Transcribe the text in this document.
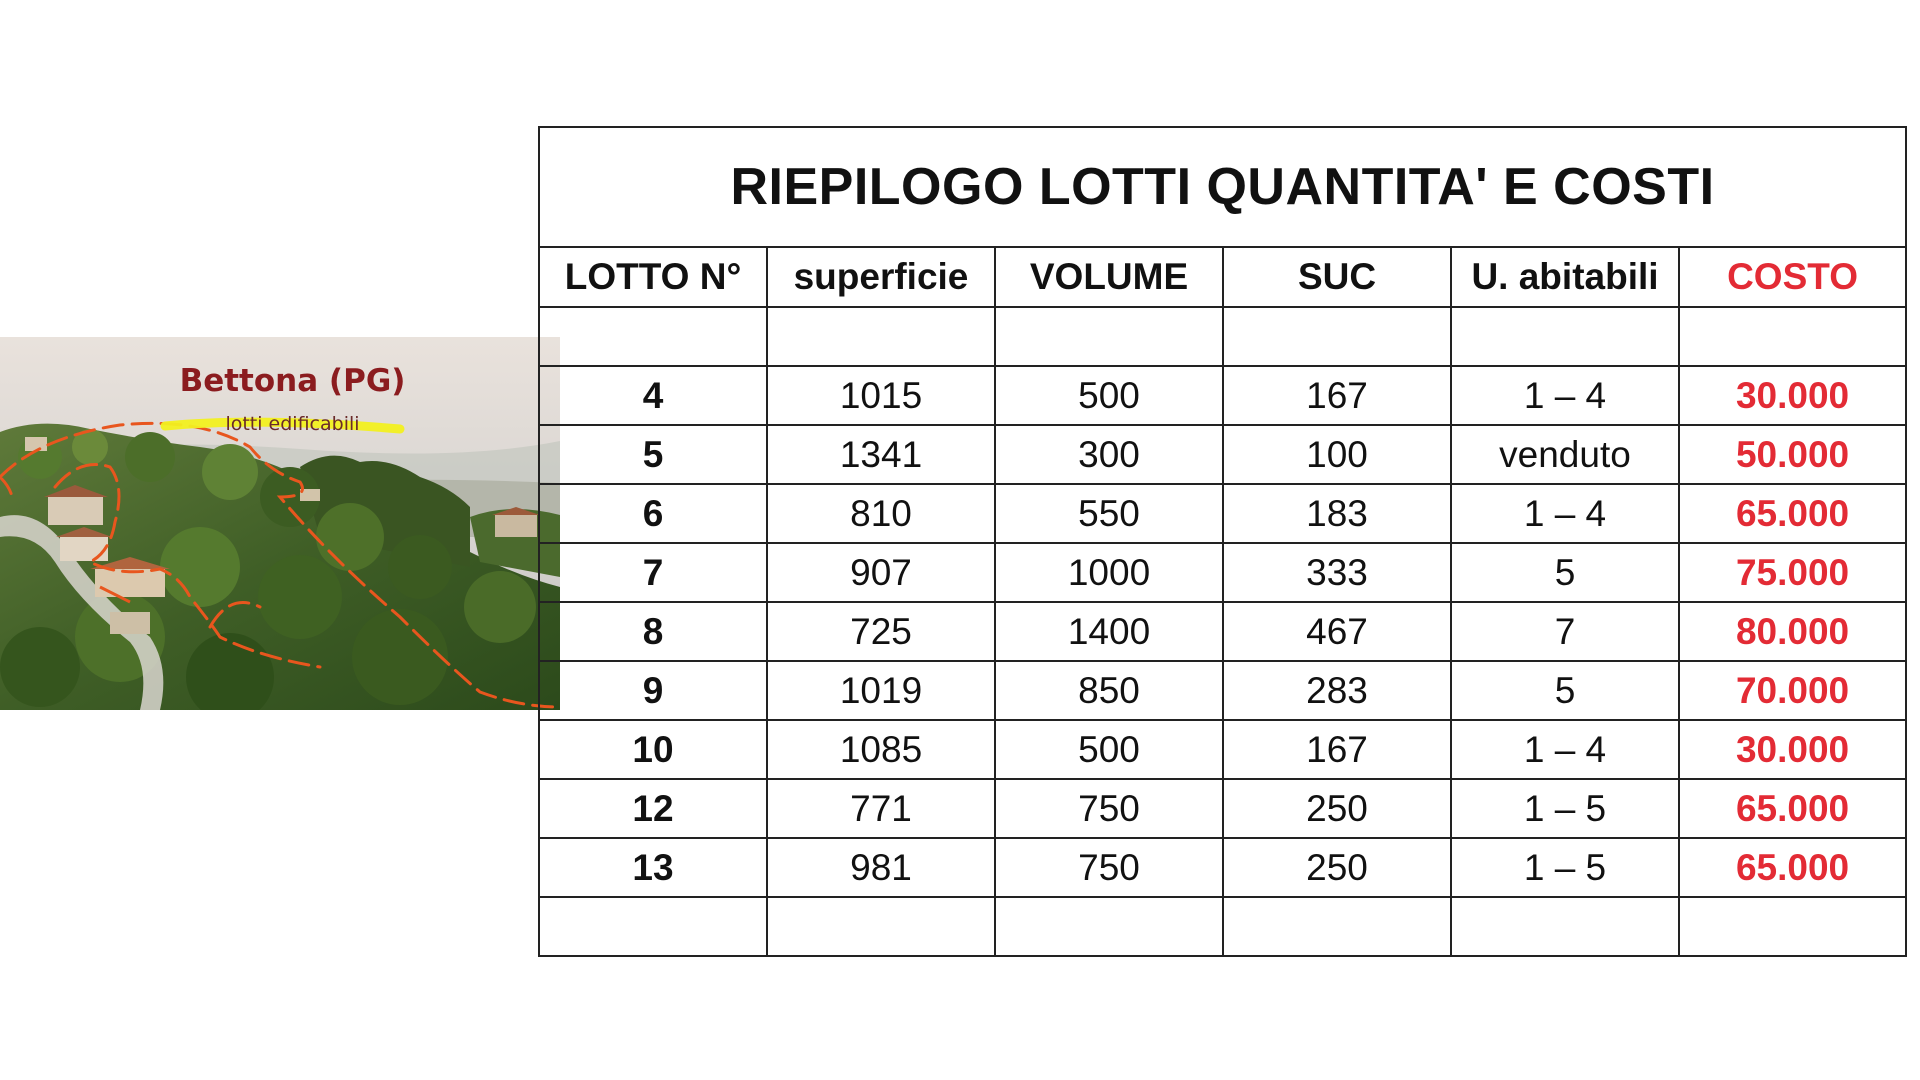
Bettona (PG)
lotti edificabili
RIEPILOGO LOTTI QUANTITA' E COSTI					
LOTTO N°	superficie	VOLUME	SUC	U. abitabili	COSTO

4	1015	500	167	1 – 4	30.000
5	1341	300	100	venduto	50.000
6	810	550	183	1 – 4	65.000
7	907	1000	333	5	75.000
8	725	1400	467	7	80.000
9	1019	850	283	5	70.000
10	1085	500	167	1 – 4	30.000
12	771	750	250	1 – 5	65.000
13	981	750	250	1 – 5	65.000
